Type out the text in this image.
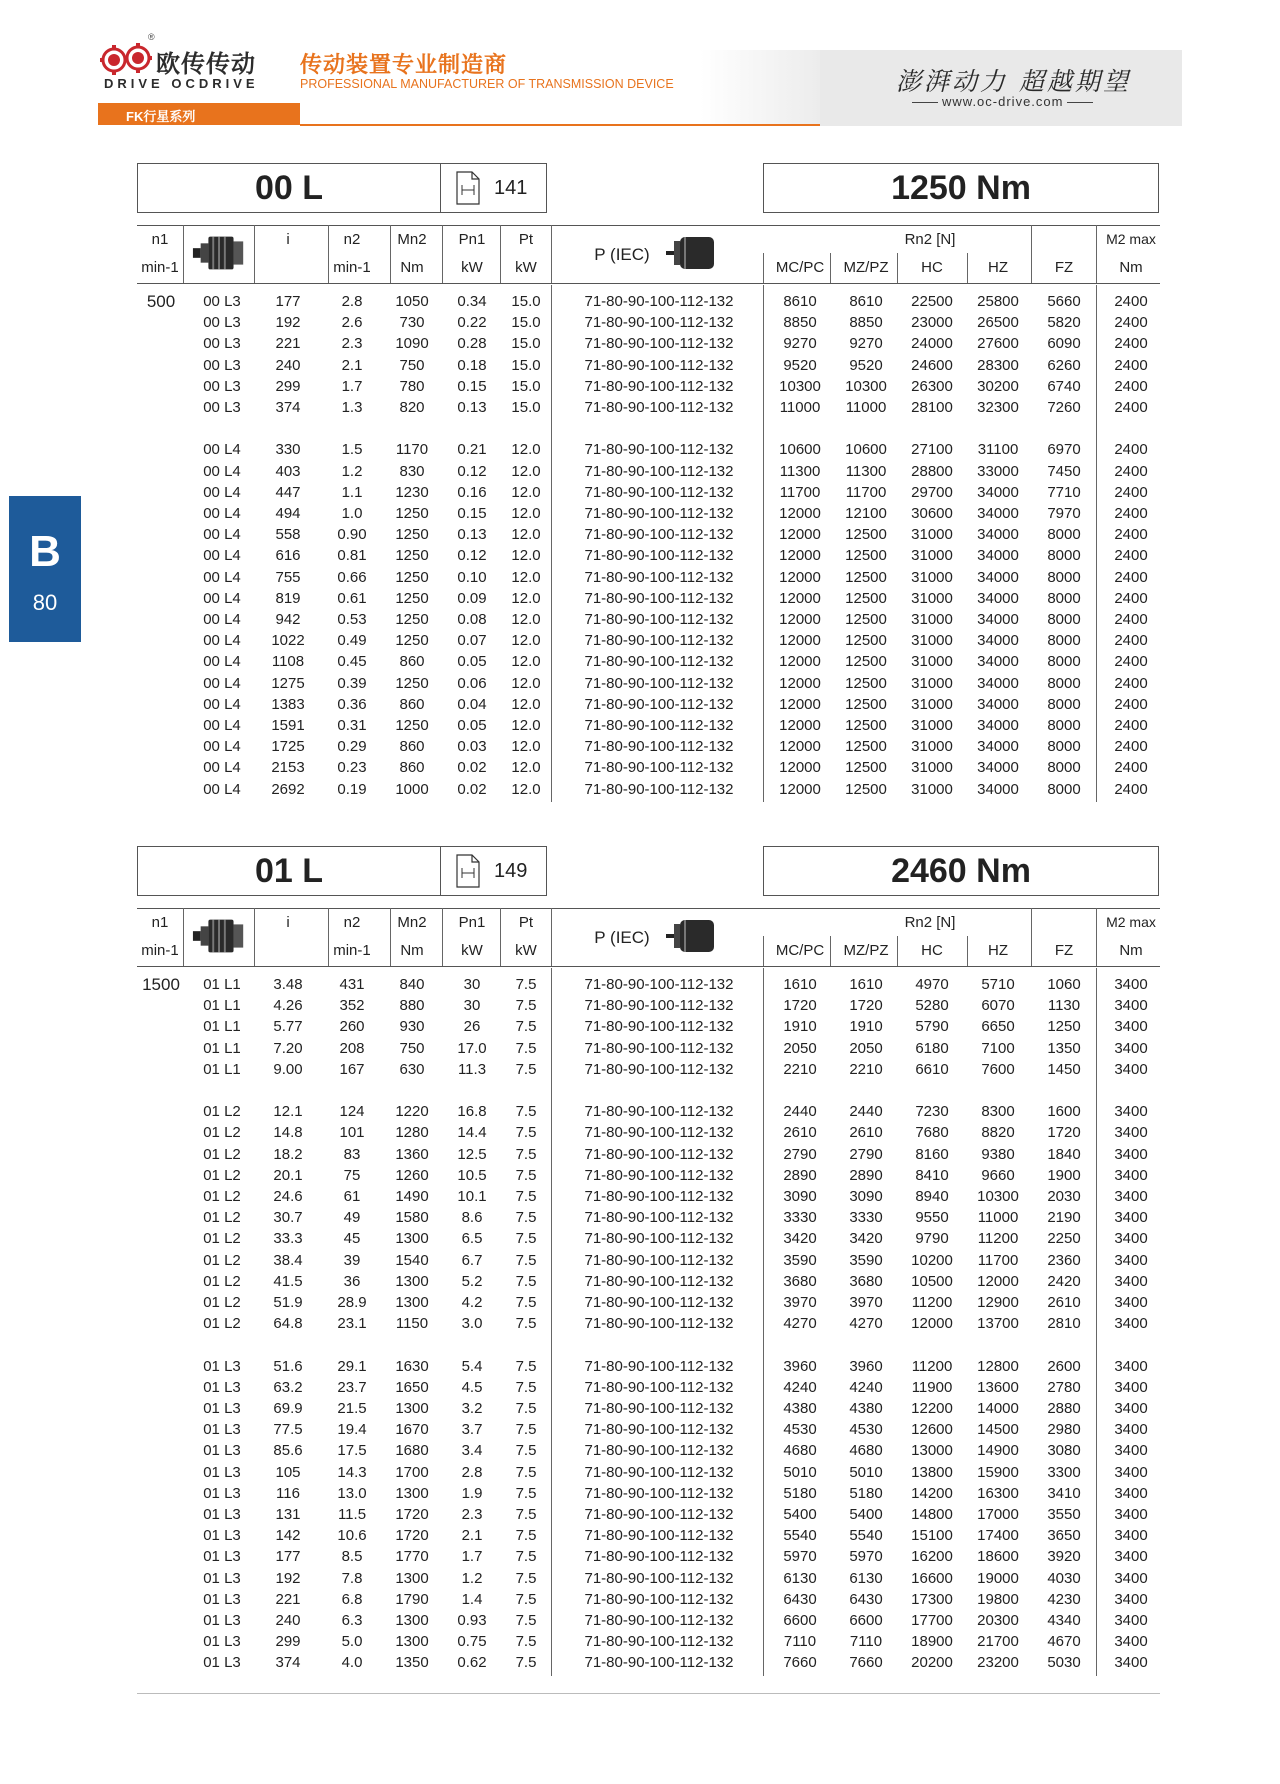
®
欧传传动
DRIVE OCDRIVE
传动装置专业制造商
PROFESSIONAL MANUFACTURER OF TRANSMISSION DEVICE	澎湃动力 超越期望
www.oc-drive.com
FK行星系列
B
80
00 L	141	1250 Nm
n1
min-1
i	n2
min-1
Mn2
Nm
Pn1
kW
Pt
kW
P (IEC)
Rn2 [N]
MC/PC	MZ/PZ	HC	HZ	FZ
M2 max
Nm
500	00 L3	177	2.8	1050	0.34	15.0	71-80-90-100-112-132	8610	8610	22500	25800	5660	2400
00 L3	192	2.6	730	0.22	15.0	71-80-90-100-112-132	8850	8850	23000	26500	5820	2400
00 L3	221	2.3	1090	0.28	15.0	71-80-90-100-112-132	9270	9270	24000	27600	6090	2400
00 L3	240	2.1	750	0.18	15.0	71-80-90-100-112-132	9520	9520	24600	28300	6260	2400
00 L3	299	1.7	780	0.15	15.0	71-80-90-100-112-132	10300	10300	26300	30200	6740	2400
00 L3	374	1.3	820	0.13	15.0	71-80-90-100-112-132	11000	11000	28100	32300	7260	2400
00 L4	330	1.5	1170	0.21	12.0	71-80-90-100-112-132	10600	10600	27100	31100	6970	2400
00 L4	403	1.2	830	0.12	12.0	71-80-90-100-112-132	11300	11300	28800	33000	7450	2400
00 L4	447	1.1	1230	0.16	12.0	71-80-90-100-112-132	11700	11700	29700	34000	7710	2400
00 L4	494	1.0	1250	0.15	12.0	71-80-90-100-112-132	12000	12100	30600	34000	7970	2400
00 L4	558	0.90	1250	0.13	12.0	71-80-90-100-112-132	12000	12500	31000	34000	8000	2400
00 L4	616	0.81	1250	0.12	12.0	71-80-90-100-112-132	12000	12500	31000	34000	8000	2400
00 L4	755	0.66	1250	0.10	12.0	71-80-90-100-112-132	12000	12500	31000	34000	8000	2400
00 L4	819	0.61	1250	0.09	12.0	71-80-90-100-112-132	12000	12500	31000	34000	8000	2400
00 L4	942	0.53	1250	0.08	12.0	71-80-90-100-112-132	12000	12500	31000	34000	8000	2400
00 L4	1022	0.49	1250	0.07	12.0	71-80-90-100-112-132	12000	12500	31000	34000	8000	2400
00 L4	1108	0.45	860	0.05	12.0	71-80-90-100-112-132	12000	12500	31000	34000	8000	2400
00 L4	1275	0.39	1250	0.06	12.0	71-80-90-100-112-132	12000	12500	31000	34000	8000	2400
00 L4	1383	0.36	860	0.04	12.0	71-80-90-100-112-132	12000	12500	31000	34000	8000	2400
00 L4	1591	0.31	1250	0.05	12.0	71-80-90-100-112-132	12000	12500	31000	34000	8000	2400
00 L4	1725	0.29	860	0.03	12.0	71-80-90-100-112-132	12000	12500	31000	34000	8000	2400
00 L4	2153	0.23	860	0.02	12.0	71-80-90-100-112-132	12000	12500	31000	34000	8000	2400
00 L4	2692	0.19	1000	0.02	12.0	71-80-90-100-112-132	12000	12500	31000	34000	8000	2400
01 L	149	2460 Nm
n1
min-1
i	n2
min-1
Mn2
Nm
Pn1
kW
Pt
kW
P (IEC)
Rn2 [N]
MC/PC	MZ/PZ	HC	HZ	FZ
M2 max
Nm
1500	01 L1	3.48	431	840	30	7.5	71-80-90-100-112-132	1610	1610	4970	5710	1060	3400
01 L1	4.26	352	880	30	7.5	71-80-90-100-112-132	1720	1720	5280	6070	1130	3400
01 L1	5.77	260	930	26	7.5	71-80-90-100-112-132	1910	1910	5790	6650	1250	3400
01 L1	7.20	208	750	17.0	7.5	71-80-90-100-112-132	2050	2050	6180	7100	1350	3400
01 L1	9.00	167	630	11.3	7.5	71-80-90-100-112-132	2210	2210	6610	7600	1450	3400
01 L2	12.1	124	1220	16.8	7.5	71-80-90-100-112-132	2440	2440	7230	8300	1600	3400
01 L2	14.8	101	1280	14.4	7.5	71-80-90-100-112-132	2610	2610	7680	8820	1720	3400
01 L2	18.2	83	1360	12.5	7.5	71-80-90-100-112-132	2790	2790	8160	9380	1840	3400
01 L2	20.1	75	1260	10.5	7.5	71-80-90-100-112-132	2890	2890	8410	9660	1900	3400
01 L2	24.6	61	1490	10.1	7.5	71-80-90-100-112-132	3090	3090	8940	10300	2030	3400
01 L2	30.7	49	1580	8.6	7.5	71-80-90-100-112-132	3330	3330	9550	11000	2190	3400
01 L2	33.3	45	1300	6.5	7.5	71-80-90-100-112-132	3420	3420	9790	11200	2250	3400
01 L2	38.4	39	1540	6.7	7.5	71-80-90-100-112-132	3590	3590	10200	11700	2360	3400
01 L2	41.5	36	1300	5.2	7.5	71-80-90-100-112-132	3680	3680	10500	12000	2420	3400
01 L2	51.9	28.9	1300	4.2	7.5	71-80-90-100-112-132	3970	3970	11200	12900	2610	3400
01 L2	64.8	23.1	1150	3.0	7.5	71-80-90-100-112-132	4270	4270	12000	13700	2810	3400
01 L3	51.6	29.1	1630	5.4	7.5	71-80-90-100-112-132	3960	3960	11200	12800	2600	3400
01 L3	63.2	23.7	1650	4.5	7.5	71-80-90-100-112-132	4240	4240	11900	13600	2780	3400
01 L3	69.9	21.5	1300	3.2	7.5	71-80-90-100-112-132	4380	4380	12200	14000	2880	3400
01 L3	77.5	19.4	1670	3.7	7.5	71-80-90-100-112-132	4530	4530	12600	14500	2980	3400
01 L3	85.6	17.5	1680	3.4	7.5	71-80-90-100-112-132	4680	4680	13000	14900	3080	3400
01 L3	105	14.3	1700	2.8	7.5	71-80-90-100-112-132	5010	5010	13800	15900	3300	3400
01 L3	116	13.0	1300	1.9	7.5	71-80-90-100-112-132	5180	5180	14200	16300	3410	3400
01 L3	131	11.5	1720	2.3	7.5	71-80-90-100-112-132	5400	5400	14800	17000	3550	3400
01 L3	142	10.6	1720	2.1	7.5	71-80-90-100-112-132	5540	5540	15100	17400	3650	3400
01 L3	177	8.5	1770	1.7	7.5	71-80-90-100-112-132	5970	5970	16200	18600	3920	3400
01 L3	192	7.8	1300	1.2	7.5	71-80-90-100-112-132	6130	6130	16600	19000	4030	3400
01 L3	221	6.8	1790	1.4	7.5	71-80-90-100-112-132	6430	6430	17300	19800	4230	3400
01 L3	240	6.3	1300	0.93	7.5	71-80-90-100-112-132	6600	6600	17700	20300	4340	3400
01 L3	299	5.0	1300	0.75	7.5	71-80-90-100-112-132	7110	7110	18900	21700	4670	3400
01 L3	374	4.0	1350	0.62	7.5	71-80-90-100-112-132	7660	7660	20200	23200	5030	3400
